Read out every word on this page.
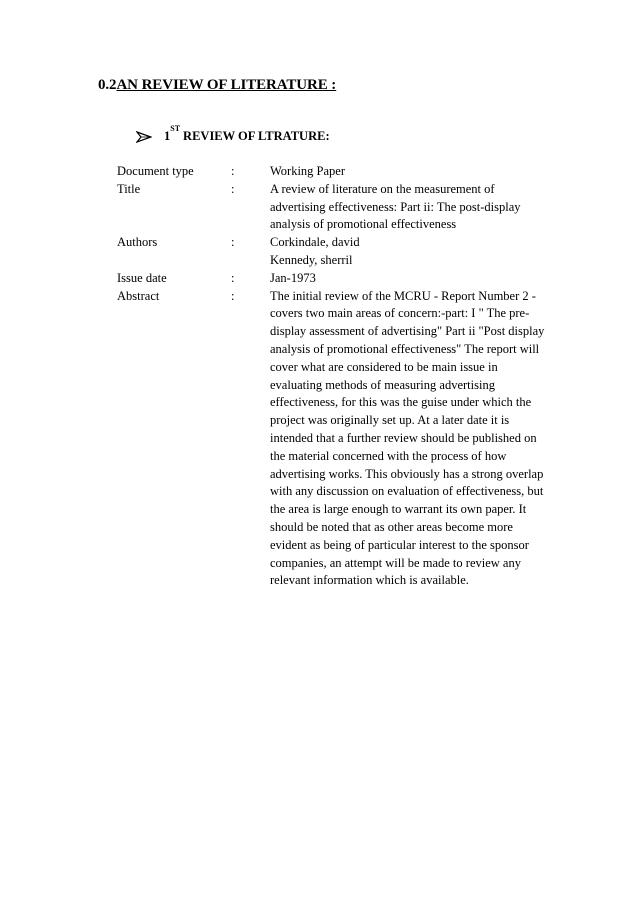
0.2AN REVIEW OF LITERATURE :
1
ST
REVIEW OF LTRATURE:
Document type	:	Working Paper
Title	:	A review of literature on the measurement of
advertising effectiveness: Part ii: The post-display
analysis of promotional effectiveness
Authors	:	Corkindale, david
Kennedy, sherril
Issue date	:	Jan-1973
Abstract	:	The initial review of the MCRU - Report Number 2 -
covers two main areas of concern:-part: I " The pre-
display assessment of advertising" Part ii "Post display
analysis of promotional effectiveness" The report will
cover what are considered to be main issue in
evaluating methods of measuring advertising
effectiveness, for this was the guise under which the
project was originally set up. At a later date it is
intended that a further review should be published on
the material concerned with the process of how
advertising works. This obviously has a strong overlap
with any discussion on evaluation of effectiveness, but
the area is large enough to warrant its own paper. It
should be noted that as other areas become more
evident as being of particular interest to the sponsor
companies, an attempt will be made to review any
relevant information which is available.
